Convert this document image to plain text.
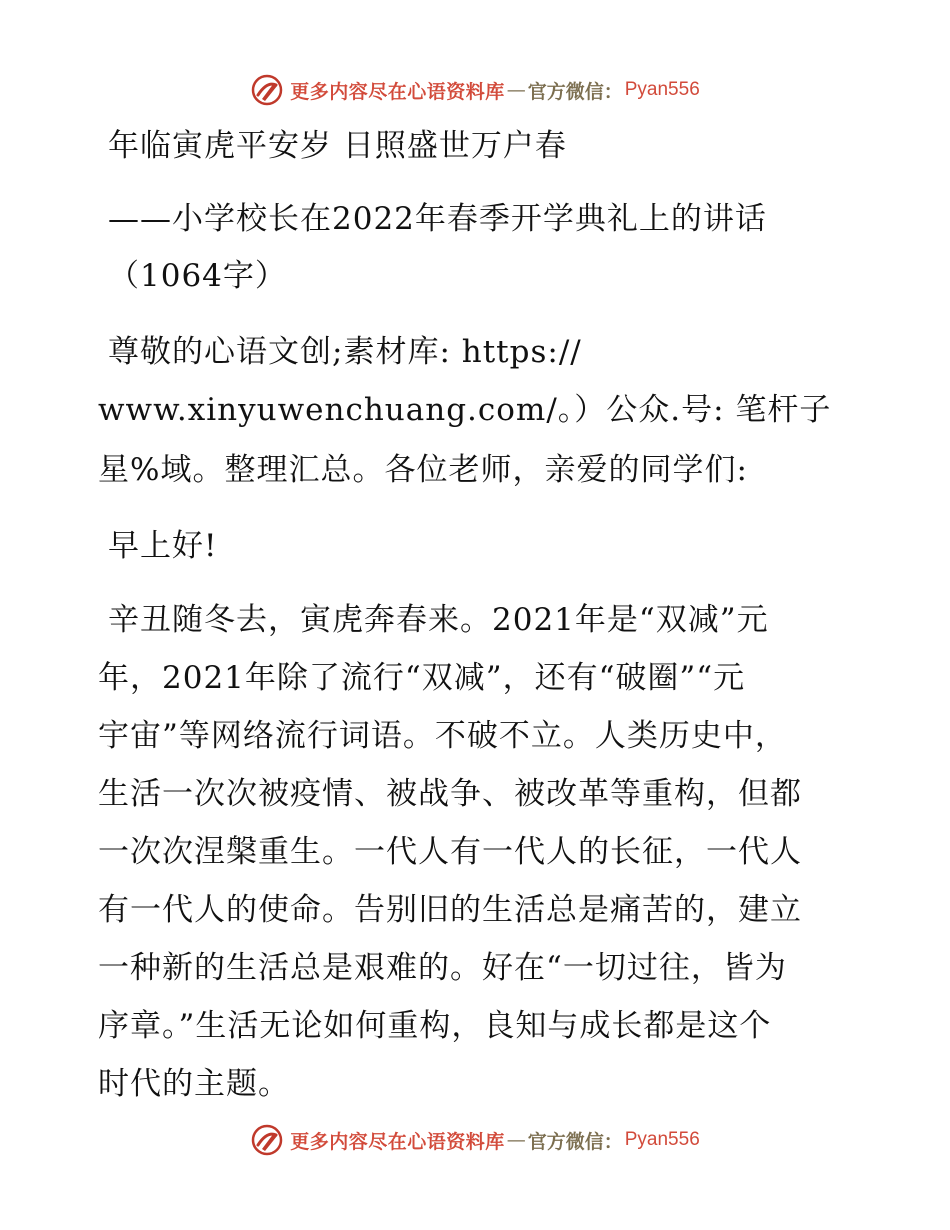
更多内容尽在心语资料库 — 官方微信： Pyan556
年临寅虎平安岁 日照盛世万户春
——小学校长在2022年春季开学典礼上的讲话
（1064字）
尊敬的心语文创;素材库: https://
www.xinyuwenchuang.com/。）公众.号: 笔杆子
星%域。整理汇总。各位老师，亲爱的同学们:
早上好!
辛丑随冬去，寅虎奔春来。2021年是“双减”元
年，2021年除了流行“双减”，还有“破圈”“元
宇宙”等网络流行词语。不破不立。人类历史中，
生活一次次被疫情、被战争、被改革等重构，但都
一次次涅槃重生。一代人有一代人的长征，一代人
有一代人的使命。告别旧的生活总是痛苦的，建立
一种新的生活总是艰难的。好在“一切过往，皆为
序章。”生活无论如何重构，良知与成长都是这个
时代的主题。
更多内容尽在心语资料库 — 官方微信： Pyan556
